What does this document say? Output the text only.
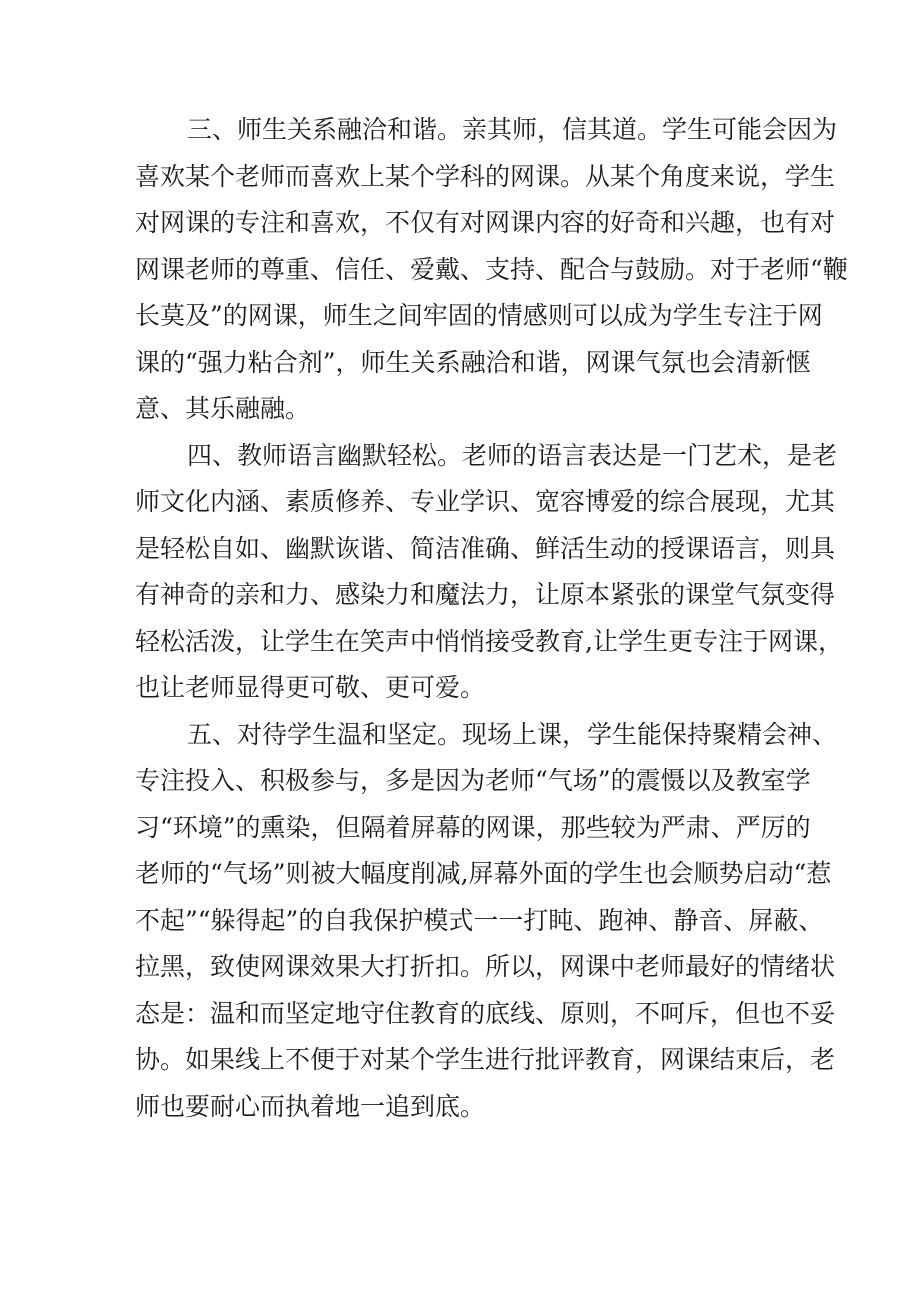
三、师生关系融洽和谐。亲其师，信其道。学生可能会因为
喜欢某个老师而喜欢上某个学科的网课。从某个角度来说，学生
对网课的专注和喜欢，不仅有对网课内容的好奇和兴趣，也有对
网课老师的尊重、信任、爱戴、支持、配合与鼓励。对于老师“鞭
长莫及”的网课，师生之间牢固的情感则可以成为学生专注于网
课的“强力粘合剂”，师生关系融洽和谐，网课气氛也会清新惬
意、其乐融融。
四、教师语言幽默轻松。老师的语言表达是一门艺术，是老
师文化内涵、素质修养、专业学识、宽容博爱的综合展现，尤其
是轻松自如、幽默诙谐、简洁准确、鲜活生动的授课语言，则具
有神奇的亲和力、感染力和魔法力，让原本紧张的课堂气氛变得
轻松活泼，让学生在笑声中悄悄接受教育,让学生更专注于网课，
也让老师显得更可敬、更可爱。
五、对待学生温和坚定。现场上课，学生能保持聚精会神、
专注投入、积极参与，多是因为老师“气场”的震慑以及教室学
习“环境”的熏染，但隔着屏幕的网课，那些较为严肃、严厉的
老师的“气场”则被大幅度削减,屏幕外面的学生也会顺势启动“惹
不起”“躲得起”的自我保护模式一一打盹、跑神、静音、屏蔽、
拉黑，致使网课效果大打折扣。所以，网课中老师最好的情绪状
态是：温和而坚定地守住教育的底线、原则，不呵斥，但也不妥
协。如果线上不便于对某个学生进行批评教育，网课结束后，老
师也要耐心而执着地一追到底。
